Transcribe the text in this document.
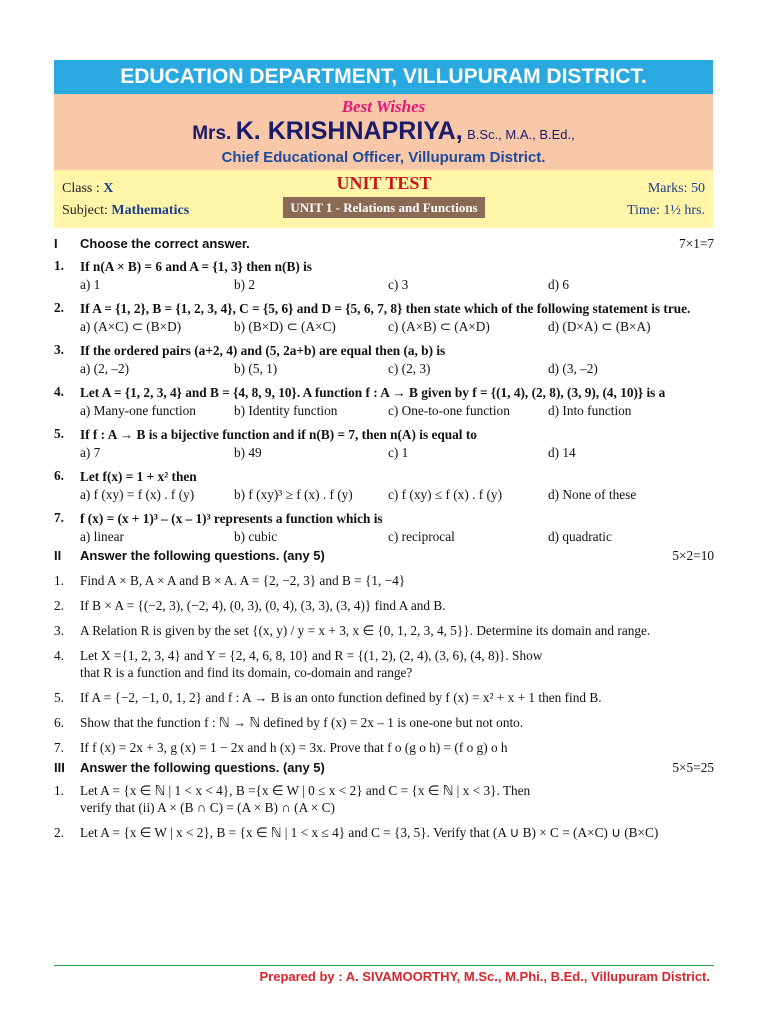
EDUCATION DEPARTMENT, VILLUPURAM DISTRICT.
Best Wishes
Mrs. K. KRISHNAPRIYA, B.Sc., M.A., B.Ed.,
Chief Educational Officer, Villupuram District.
Class : X
Subject: Mathematics
UNIT TEST
UNIT 1 - Relations and Functions
Marks: 50
Time: 1½ hrs.
I Choose the correct answer.	7×1=7
1. If n(A × B) = 6 and A = {1, 3} then n(B) is
a) 1	b) 2	c) 3	d) 6
2. If A = {1, 2}, B = {1, 2, 3, 4}, C = {5, 6} and D = {5, 6, 7, 8} then state which of the following statement is true.
a) (A×C) ⊂ (B×D)	b) (B×D) ⊂ (A×C)	c) (A×B) ⊂ (A×D)	d) (D×A) ⊂ (B×A)
3. If the ordered pairs (a+2, 4) and (5, 2a+b) are equal then (a, b) is
a) (2, –2)	b) (5, 1)	c) (2, 3)	d) (3, –2)
4. Let A = {1, 2, 3, 4} and B = {4, 8, 9, 10}. A function f : A → B given by f = {(1, 4), (2, 8), (3, 9), (4, 10)} is a
a) Many-one function	b) Identity function	c) One-to-one function	d) Into function
5. If f : A → B is a bijective function and if n(B) = 7, then n(A) is equal to
a) 7	b) 49	c) 1	d) 14
6. Let f(x) = 1 + x² then
a) f (xy) = f (x) . f (y)	b) f (xy)³ ≥ f (x) . f (y)	c) f (xy) ≤ f (x) . f (y)	d) None of these
7. f (x) = (x + 1)³ – (x – 1)³ represents a function which is
a) linear	b) cubic	c) reciprocal	d) quadratic
II Answer the following questions. (any 5)	5×2=10
1. Find A × B, A × A and B × A. A = {2, −2, 3} and B = {1, −4}
2. If B × A = {(−2, 3), (−2, 4), (0, 3), (0, 4), (3, 3), (3, 4)} find A and B.
3. A Relation R is given by the set {(x, y) / y = x + 3, x ∈ {0, 1, 2, 3, 4, 5}}. Determine its domain and range.
4. Let X ={1, 2, 3, 4} and Y = {2, 4, 6, 8, 10} and R = {(1, 2), (2, 4), (3, 6), (4, 8)}. Show that R is a function and find its domain, co-domain and range?
5. If A = {−2, −1, 0, 1, 2} and f : A → B is an onto function defined by f (x) = x² + x + 1 then find B.
6. Show that the function f : ℕ → ℕ defined by f (x) = 2x – 1 is one-one but not onto.
7. If f (x) = 2x + 3, g (x) = 1 − 2x and h (x) = 3x. Prove that f o (g o h) = (f o g) o h
III Answer the following questions. (any 5)	5×5=25
1. Let A = {x ∈ ℕ | 1 < x < 4}, B ={x ∈ W | 0 ≤ x < 2} and C = {x ∈ ℕ | x < 3}. Then verify that (ii) A × (B ∩ C) = (A × B) ∩ (A × C)
2. Let A = {x ∈ W | x < 2}, B = {x ∈ ℕ | 1 < x ≤ 4} and C = {3, 5}. Verify that (A ∪ B) × C = (A×C) ∪ (B×C)
Prepared by : A. SIVAMOORTHY, M.Sc., M.Phi., B.Ed., Villupuram District.
